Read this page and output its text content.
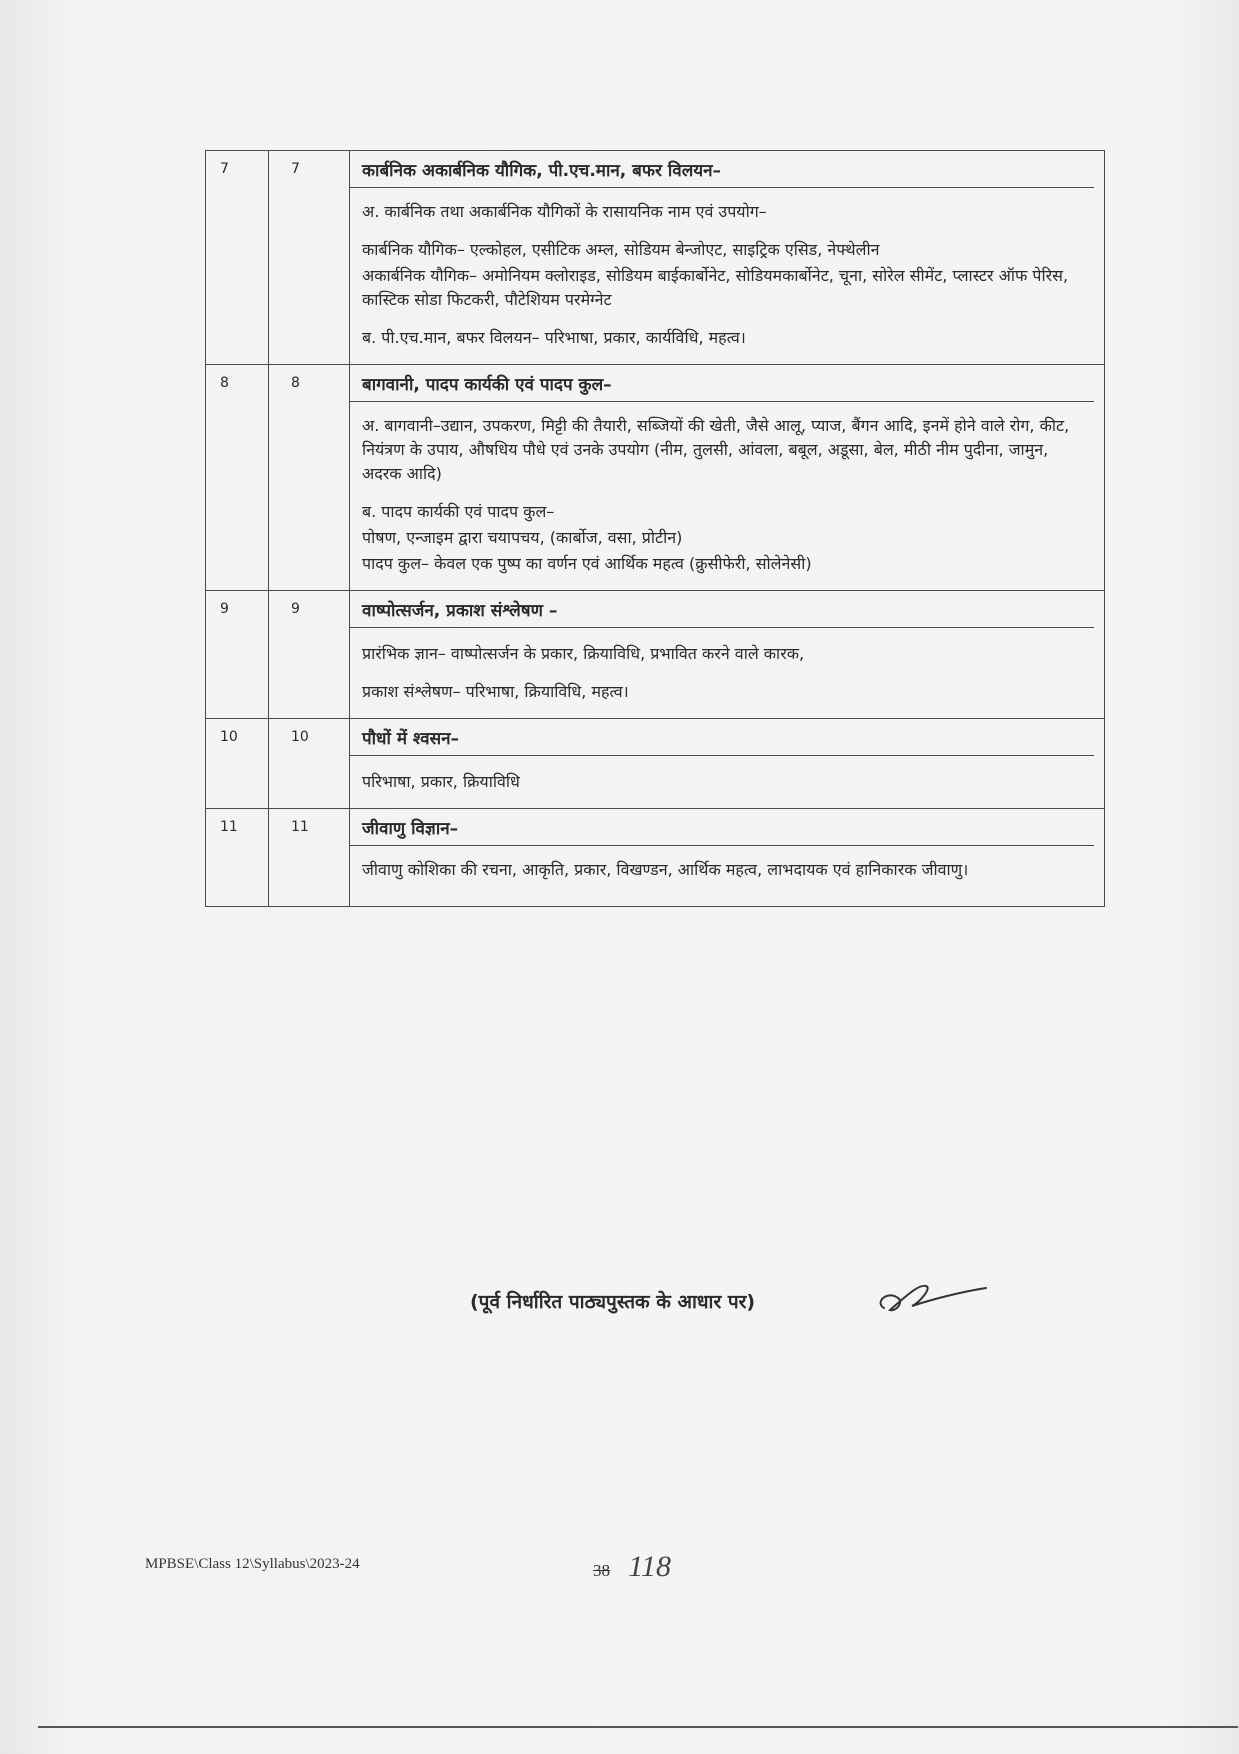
7	7	कार्बनिक अकार्बनिक यौगिक, पी.एच.मान, बफर विलयन–
अ. कार्बनिक तथा अकार्बनिक यौगिकों के रासायनिक नाम एवं उपयोग–
कार्बनिक यौगिक– एल्कोहल, एसीटिक अम्ल, सोडियम बेन्जोएट, साइट्रिक एसिड, नेफ्थेलीन
अकार्बनिक यौगिक– अमोनियम क्लोराइड, सोडियम बाईकार्बोनेट, सोडियमकार्बोनेट, चूना, सोरेल सीमेंट, प्लास्टर ऑफ पेरिस, कास्टिक सोडा फिटकरी, पौटेशियम परमेग्नेट
ब. पी.एच.मान, बफर विलयन– परिभाषा, प्रकार, कार्यविधि, महत्व।

8	8	बागवानी, पादप कार्यकी एवं पादप कुल–
अ. बागवानी–उद्यान, उपकरण, मिट्टी की तैयारी, सब्जियों की खेती, जैसे आलू, प्याज, बैंगन आदि, इनमें होने वाले रोग, कीट, नियंत्रण के उपाय, औषधिय पौधे एवं उनके उपयोग (नीम, तुलसी, आंवला, बबूल, अडूसा, बेल, मीठी नीम पुदीना, जामुन, अदरक आदि)
ब. पादप कार्यकी एवं पादप कुल–
पोषण, एन्जाइम द्वारा चयापचय, (कार्बोज, वसा, प्रोटीन)
पादप कुल– केवल एक पुष्प का वर्णन एवं आर्थिक महत्व (क्रुसीफेरी, सोलेनेसी)

9	9	वाष्पोत्सर्जन, प्रकाश संश्लेषण –
प्रारंभिक ज्ञान– वाष्पोत्सर्जन के प्रकार, क्रियाविधि, प्रभावित करने वाले कारक,
प्रकाश संश्लेषण– परिभाषा, क्रियाविधि, महत्व।

10	10	पौधों में श्वसन–
परिभाषा, प्रकार, क्रियाविधि

11	11	जीवाणु विज्ञान–
जीवाणु कोशिका की रचना, आकृति, प्रकार, विखण्डन, आर्थिक महत्व, लाभदायक एवं हानिकारक जीवाणु।
(पूर्व निर्धारित पाठ्यपुस्तक के आधार पर)
MPBSE\Class 12\Syllabus\2023-24	38 118
